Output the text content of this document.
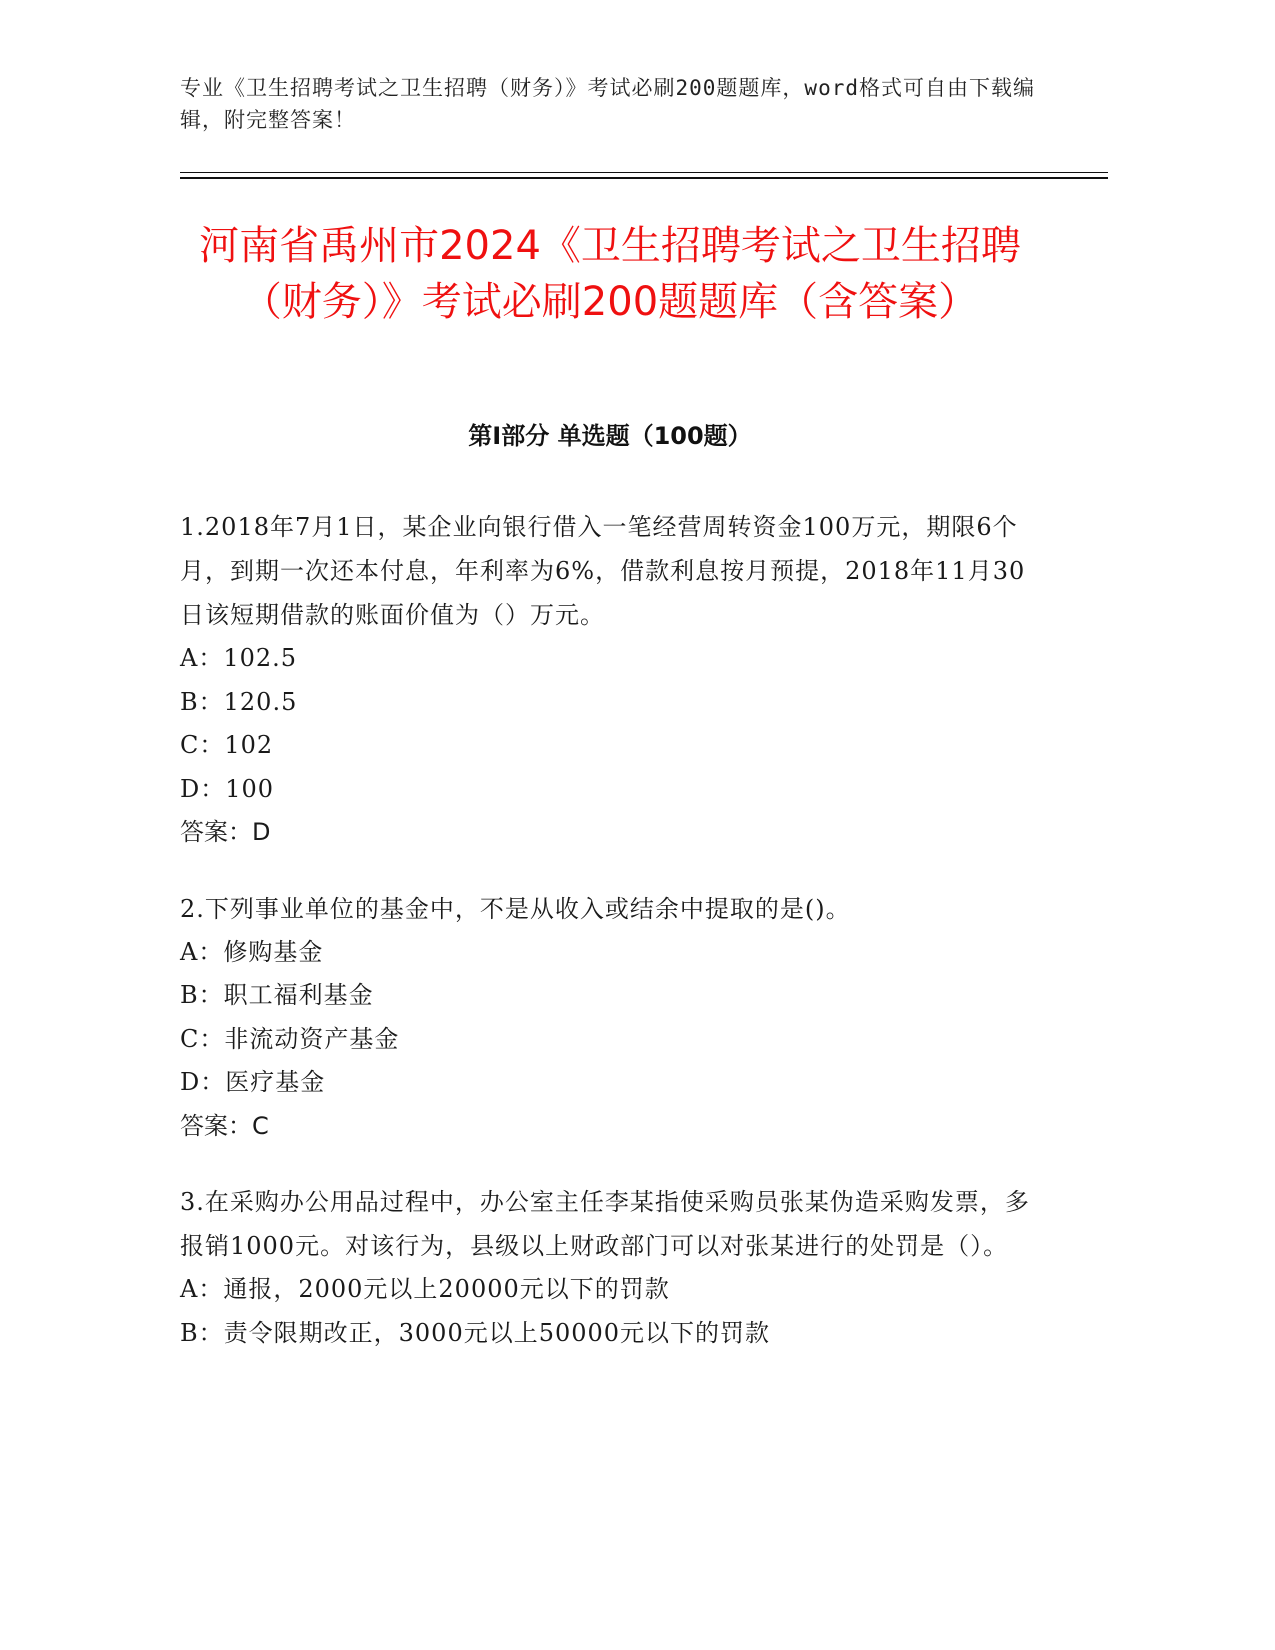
专业《卫生招聘考试之卫生招聘（财务）》考试必刷200题题库，word格式可自由下载编辑，附完整答案！
河南省禹州市2024《卫生招聘考试之卫生招聘（财务）》考试必刷200题题库（含答案）
第Ⅰ部分 单选题（100题）

1.2018年7月1日，某企业向银行借入一笔经营周转资金100万元，期限6个月，到期一次还本付息，年利率为6%，借款利息按月预提，2018年11月30日该短期借款的账面价值为（）万元。

A：102.5

B：120.5

C：102

D：100

答案：D

2.下列事业单位的基金中，不是从收入或结余中提取的是()。

A：修购基金

B：职工福利基金

C：非流动资产基金

D：医疗基金

答案：C

3.在采购办公用品过程中，办公室主任李某指使采购员张某伪造采购发票，多报销1000元。对该行为，县级以上财政部门可以对张某进行的处罚是（）。

A：通报，2000元以上20000元以下的罚款

B：责令限期改正，3000元以上50000元以下的罚款
